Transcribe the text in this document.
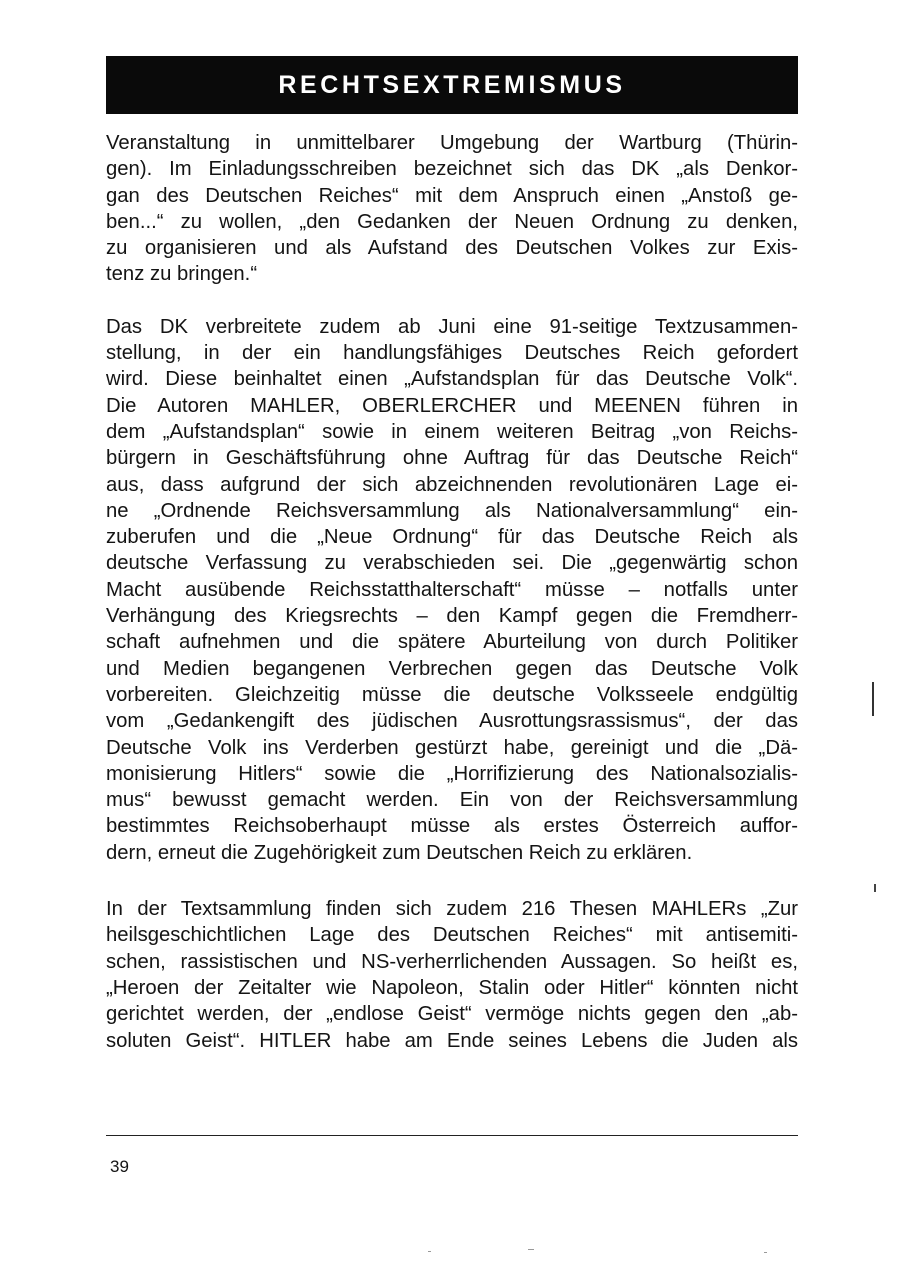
RECHTSEXTREMISMUS

Veranstaltung in unmittelbarer Umgebung der Wartburg (Thürin-
gen). Im Einladungsschreiben bezeichnet sich das DK „als Denkor-
gan des Deutschen Reiches“ mit dem Anspruch einen „Anstoß ge-
ben...“ zu wollen, „den Gedanken der Neuen Ordnung zu denken,
zu organisieren und als Aufstand des Deutschen Volkes zur Exis-
tenz zu bringen.“

Das DK verbreitete zudem ab Juni eine 91-seitige Textzusammen-
stellung, in der ein handlungsfähiges Deutsches Reich gefordert
wird. Diese beinhaltet einen „Aufstandsplan für das Deutsche Volk“.
Die Autoren MAHLER, OBERLERCHER und MEENEN führen in
dem „Aufstandsplan“ sowie in einem weiteren Beitrag „von Reichs-
bürgern in Geschäftsführung ohne Auftrag für das Deutsche Reich“
aus, dass aufgrund der sich abzeichnenden revolutionären Lage ei-
ne „Ordnende Reichsversammlung als Nationalversammlung“ ein-
zuberufen und die „Neue Ordnung“ für das Deutsche Reich als
deutsche Verfassung zu verabschieden sei. Die „gegenwärtig schon
Macht ausübende Reichsstatthalterschaft“ müsse – notfalls unter
Verhängung des Kriegsrechts – den Kampf gegen die Fremdherr-
schaft aufnehmen und die spätere Aburteilung von durch Politiker
und Medien begangenen Verbrechen gegen das Deutsche Volk
vorbereiten. Gleichzeitig müsse die deutsche Volksseele endgültig
vom „Gedankengift des jüdischen Ausrottungsrassismus“, der das
Deutsche Volk ins Verderben gestürzt habe, gereinigt und die „Dä-
monisierung Hitlers“ sowie die „Horrifizierung des Nationalsozialis-
mus“ bewusst gemacht werden. Ein von der Reichsversammlung
bestimmtes Reichsoberhaupt müsse als erstes Österreich auffor-
dern, erneut die Zugehörigkeit zum Deutschen Reich zu erklären.

In der Textsammlung finden sich zudem 216 Thesen MAHLERs „Zur
heilsgeschichtlichen Lage des Deutschen Reiches“ mit antisemiti-
schen, rassistischen und NS-verherrlichenden Aussagen. So heißt es,
„Heroen der Zeitalter wie Napoleon, Stalin oder Hitler“ könnten nicht
gerichtet werden, der „endlose Geist“ vermöge nichts gegen den „ab-
soluten Geist“. HITLER habe am Ende seines Lebens die Juden als

39
